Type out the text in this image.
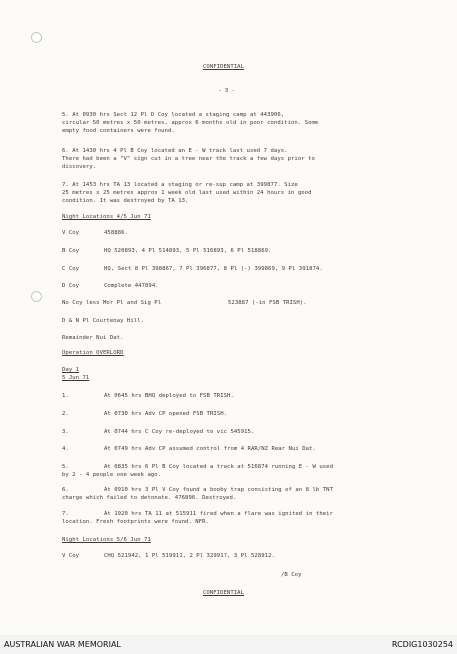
CONFIDENTIAL
- 3 -
5. At 0930 hrs Sect 12 Pl D Coy located a staging camp at 443906,
circular 50 metres x 50 metres, approx 6 months old in poor condition. Some
empty food containers were found.
6. At 1430 hrs 4 Pl B Coy located an E - W track last used 7 days.
There had been a "V" sign cut in a tree near the track a few days prior to
discovery.
7. At 1453 hrs TA 13 located a staging or re-sup camp at 399877. Size
25 metres x 25 metres approx 1 week old last used within 24 hours in good
condition. It was destroyed by TA 13.
Night Locations 4/5 Jun 71
V Coy	458886.
B Coy	HQ 520893, 4 Pl 514893, 5 Pl 516893, 6 Pl 518869.
C Coy	HQ, Sect 8 Pl 398867, 7 Pl 396877, 8 Pl (-) 399869, 9 Pl 391874.
D Coy	Complete 447894.
No Coy less Mor Pl and Sig Pl	523887 (-in FSB TRISH).
D & N Pl Courtenay Hill.
Remainder Nui Dat.
Operation OVERLORD
Day 1
5 Jun 71
1.	At 0645 hrs BHQ deployed to FSB TRISH.
2.	At 0730 hrs Adv CP opened FSB TRISH.
3.	At 0744 hrs C Coy re-deployed to vic 545915.
4.	At 0749 hrs Adv CP assumed control from 4 RAR/NZ Rear Nui Dat.
5.	At 0835 hrs 6 Pl B Coy located a track at 516874 running E - W used
by 2 - 4 people one week ago.
6.	At 0910 hrs 3 Pl V Coy found a booby trap consisting of an 8 lb TNT
charge which failed to detonate. 476896. Destroyed.
7.	At 1920 hrs TA 11 at 515911 fired when a flare was ignited in their
location. Fresh footprints were found. NFR.
Night Locations 5/6 Jun 71
V Coy	CHQ 521942, 1 Pl 519911, 2 Pl 32991?, 3 Pl 528912.
/B Coy
CONFIDENTIAL
AUSTRALIAN WAR MEMORIAL	RCDIG1030254
